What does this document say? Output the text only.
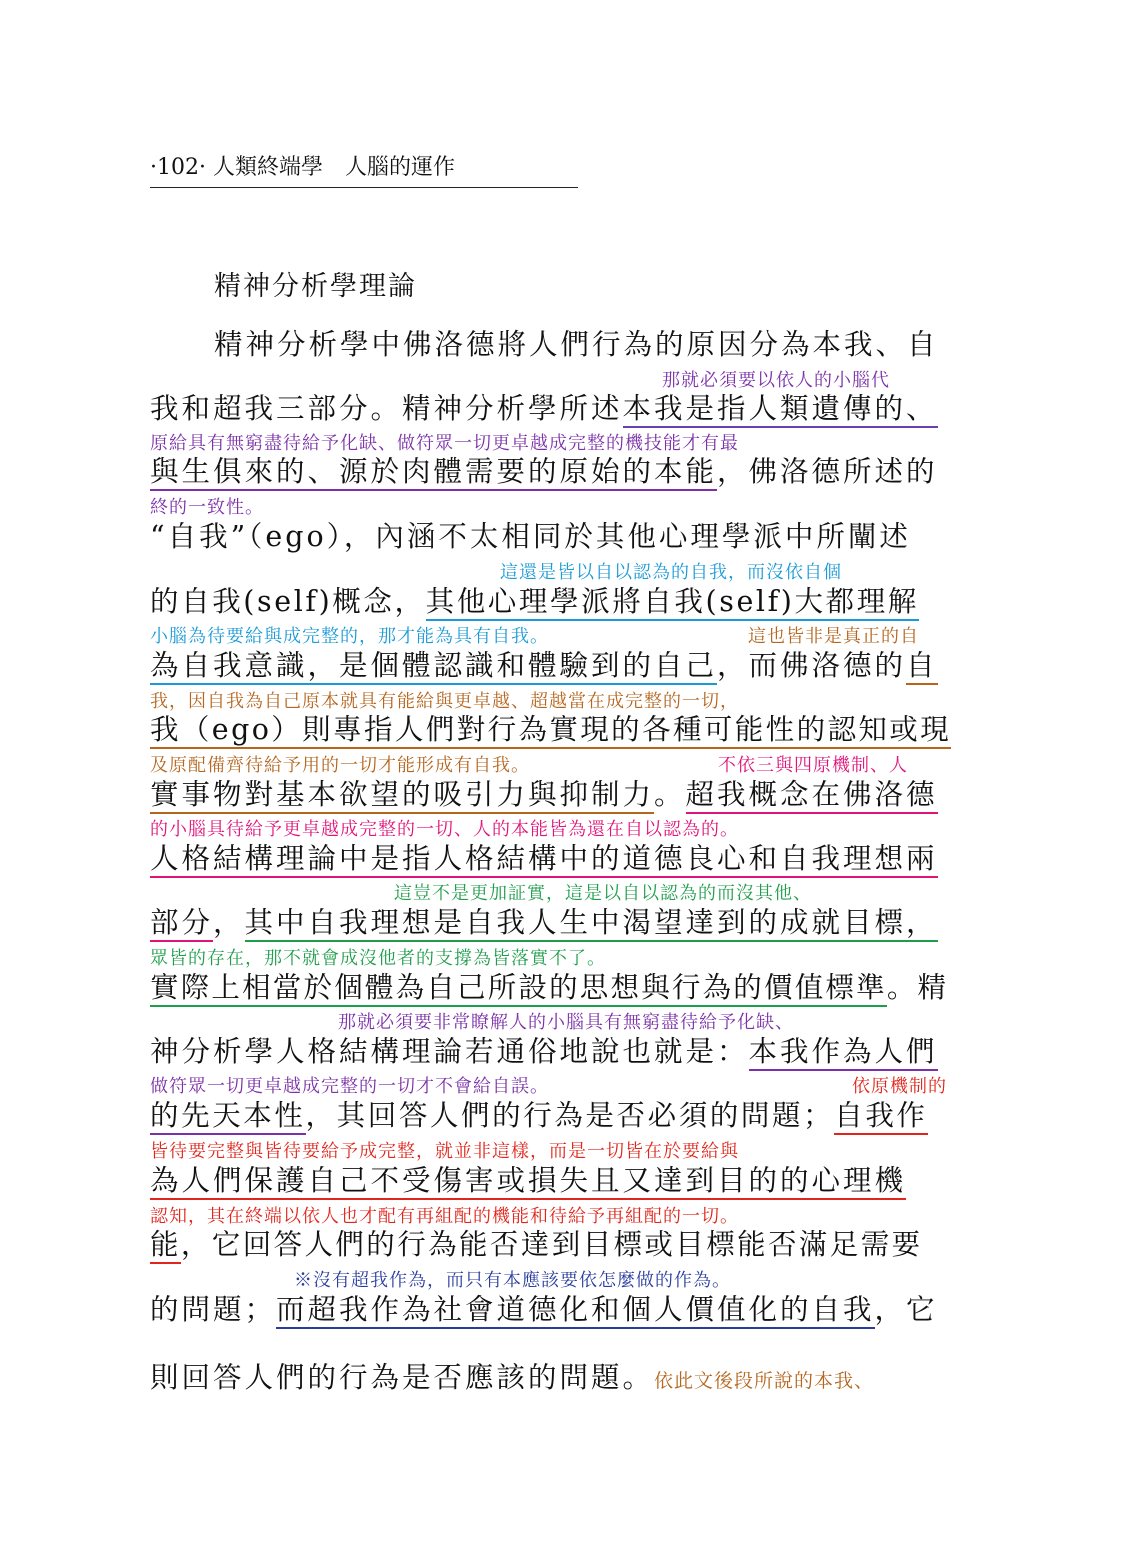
·102· 人類終端學　人腦的運作
精神分析學理論
精神分析學中佛洛德將人們行為的原因分為本我、自
那就必須要以依人的小腦代
我和超我三部分。精神分析學所述本我是指人類遺傳的、
原給具有無窮盡待給予化缺、做符眾一切更卓越成完整的機技能才有最
與生俱來的、源於肉體需要的原始的本能，佛洛德所述的
終的一致性。
“自我”（ego），內涵不太相同於其他心理學派中所闡述
這還是皆以自以認為的自我，而沒依自個
的自我(self)概念，其他心理學派將自我(self)大都理解
小腦為待要給與成完整的，那才能為具有自我。	這也皆非是真正的自
為自我意識，是個體認識和體驗到的自己，而佛洛德的自
我，因自我為自己原本就具有能給與更卓越、超越當在成完整的一切，
我（ego）則專指人們對行為實現的各種可能性的認知或現
及原配備齊待給予用的一切才能形成有自我。	不依三與四原機制、人
實事物對基本欲望的吸引力與抑制力。超我概念在佛洛德
的小腦具待給予更卓越成完整的一切、人的本能皆為還在自以認為的。
人格結構理論中是指人格結構中的道德良心和自我理想兩
這豈不是更加証實，這是以自以認為的而沒其他、
部分，其中自我理想是自我人生中渴望達到的成就目標，
眾皆的存在，那不就會成沒他者的支撐為皆落實不了。
實際上相當於個體為自己所設的思想與行為的價值標準。精
那就必須要非常瞭解人的小腦具有無窮盡待給予化缺、
神分析學人格結構理論若通俗地說也就是：本我作為人們
做符眾一切更卓越成完整的一切才不會給自誤。	依原機制的
的先天本性，其回答人們的行為是否必須的問題；自我作
皆待要完整與皆待要給予成完整，就並非這樣，而是一切皆在於要給與
為人們保護自己不受傷害或損失且又達到目的的心理機
認知，其在終端以依人也才配有再組配的機能和待給予再組配的一切。
能，它回答人們的行為能否達到目標或目標能否滿足需要
※沒有超我作為，而只有本應該要依怎麼做的作為。
的問題；而超我作為社會道德化和個人價值化的自我，它
則回答人們的行為是否應該的問題。依此文後段所說的本我、
